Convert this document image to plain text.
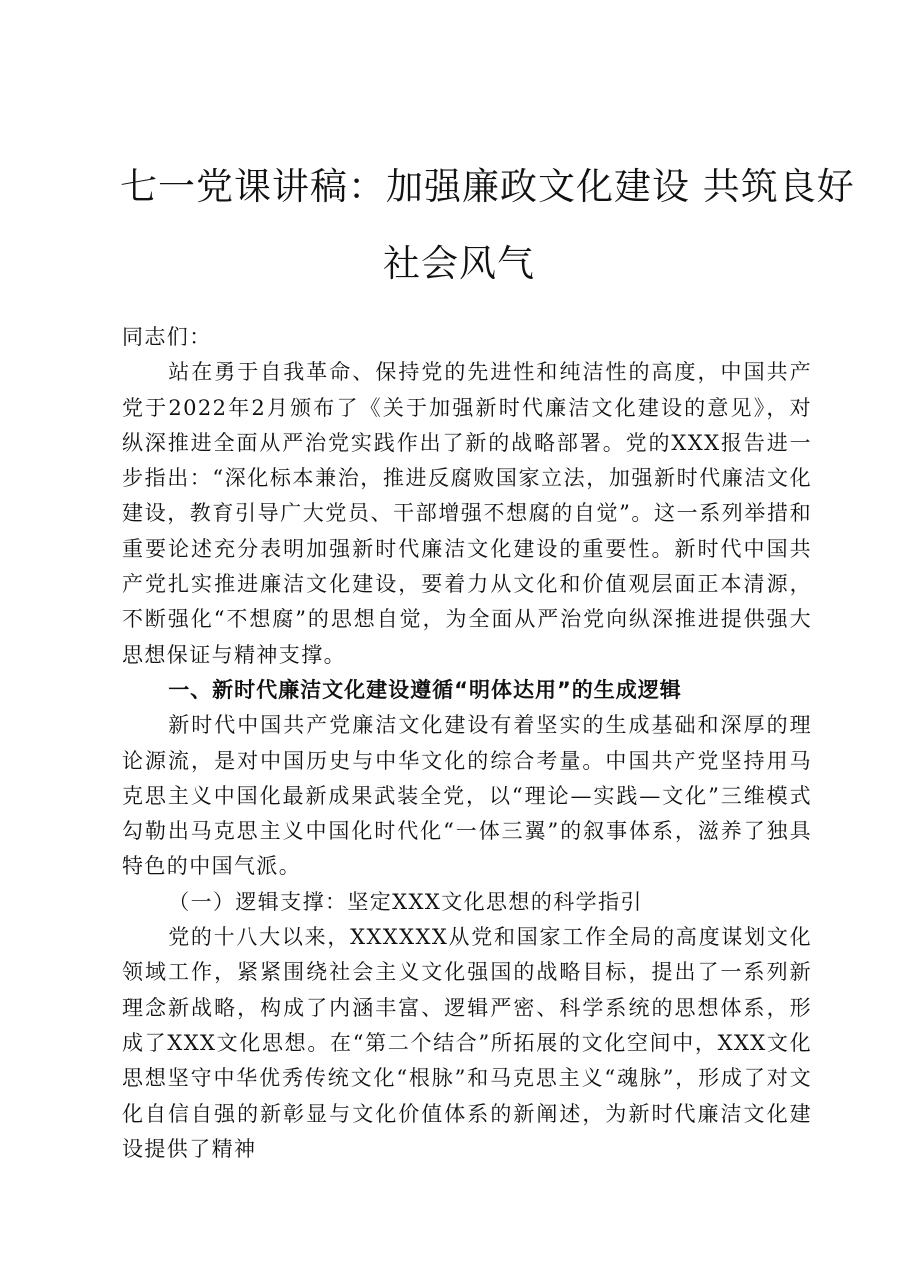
七一党课讲稿：加强廉政文化建设 共筑良好
社会风气

同志们：

站在勇于自我革命、保持党的先进性和纯洁性的高度，中国共产党于2022年2月颁布了《关于加强新时代廉洁文化建设的意见》，对纵深推进全面从严治党实践作出了新的战略部署。党的XXX报告进一步指出：“深化标本兼治，推进反腐败国家立法，加强新时代廉洁文化建设，教育引导广大党员、干部增强不想腐的自觉”。这一系列举措和重要论述充分表明加强新时代廉洁文化建设的重要性。新时代中国共产党扎实推进廉洁文化建设，要着力从文化和价值观层面正本清源，不断强化“不想腐”的思想自觉，为全面从严治党向纵深推进提供强大思想保证与精神支撑。

一、新时代廉洁文化建设遵循“明体达用”的生成逻辑

新时代中国共产党廉洁文化建设有着坚实的生成基础和深厚的理论源流，是对中国历史与中华文化的综合考量。中国共产党坚持用马克思主义中国化最新成果武装全党，以“理论—实践—文化”三维模式勾勒出马克思主义中国化时代化“一体三翼”的叙事体系，滋养了独具特色的中国气派。

（一）逻辑支撑：坚定XXX文化思想的科学指引

党的十八大以来，XXXXXX从党和国家工作全局的高度谋划文化领域工作，紧紧围绕社会主义文化强国的战略目标，提出了一系列新理念新战略，构成了内涵丰富、逻辑严密、科学系统的思想体系，形成了XXX文化思想。在“第二个结合”所拓展的文化空间中，XXX文化思想坚守中华优秀传统文化“根脉”和马克思主义“魂脉”，形成了对文化自信自强的新彰显与文化价值体系的新阐述，为新时代廉洁文化建设提供了精神
